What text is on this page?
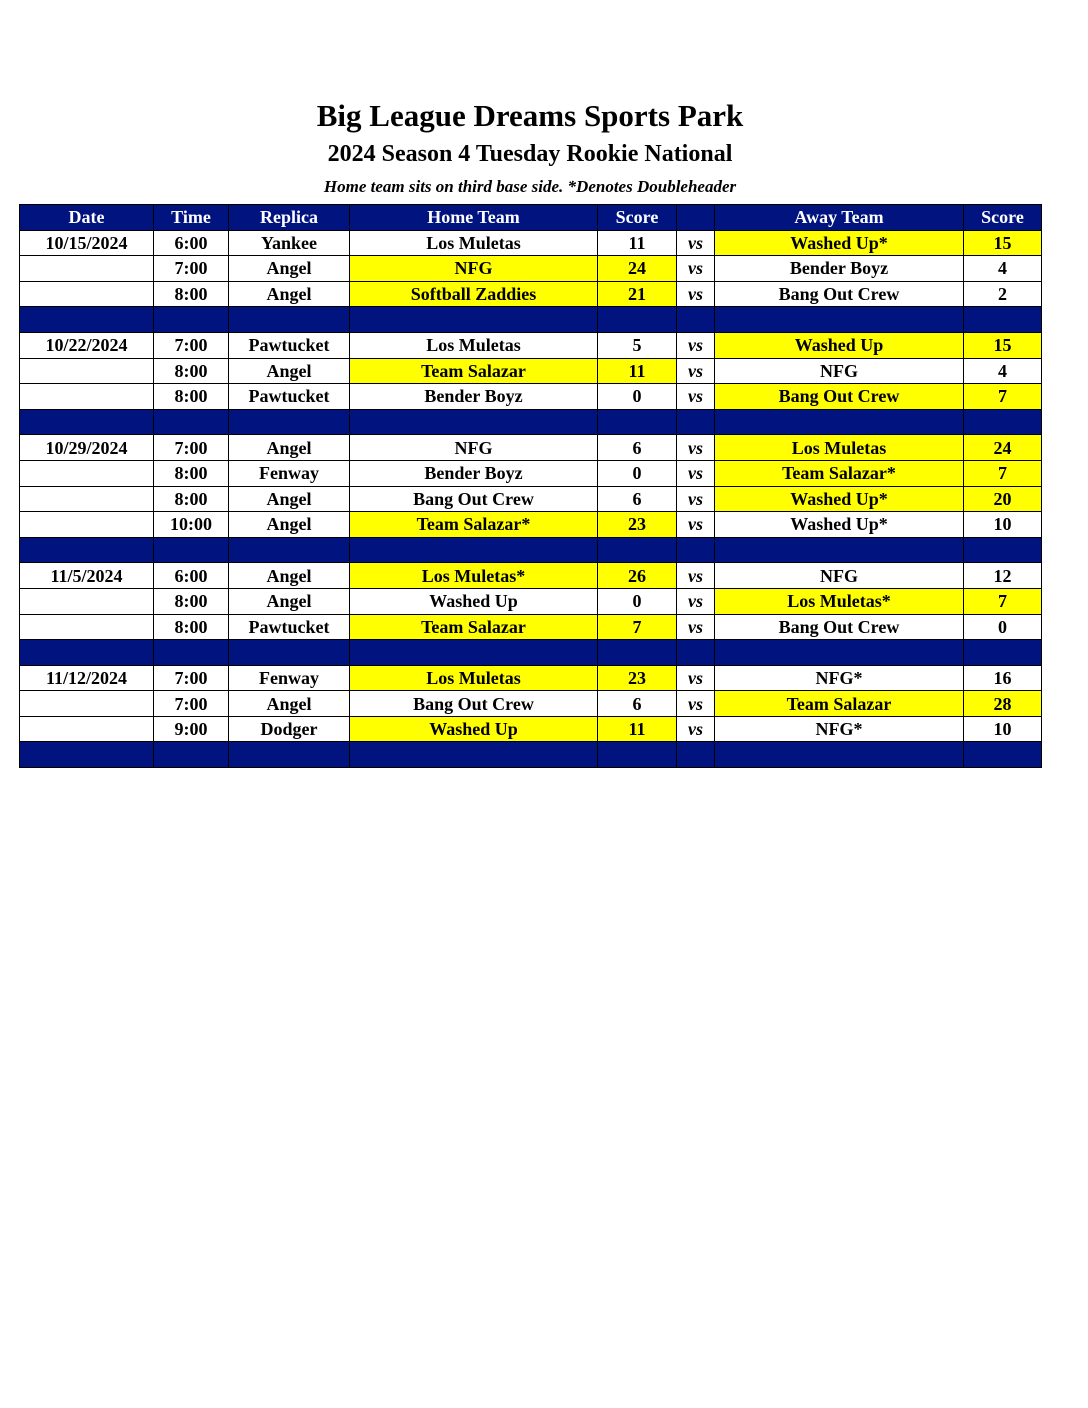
Big League Dreams Sports Park
2024 Season 4 Tuesday Rookie National
Home team sits on third base side. *Denotes Doubleheader
Date	Time	Replica	Home Team	Score		Away Team	Score
10/15/2024	6:00	Yankee	Los Muletas	11	vs	Washed Up*	15
	7:00	Angel	NFG	24	vs	Bender Boyz	4
	8:00	Angel	Softball Zaddies	21	vs	Bang Out Crew	2

10/22/2024	7:00	Pawtucket	Los Muletas	5	vs	Washed Up	15
	8:00	Angel	Team Salazar	11	vs	NFG	4
	8:00	Pawtucket	Bender Boyz	0	vs	Bang Out Crew	7

10/29/2024	7:00	Angel	NFG	6	vs	Los Muletas	24
	8:00	Fenway	Bender Boyz	0	vs	Team Salazar*	7
	8:00	Angel	Bang Out Crew	6	vs	Washed Up*	20
	10:00	Angel	Team Salazar*	23	vs	Washed Up*	10

11/5/2024	6:00	Angel	Los Muletas*	26	vs	NFG	12
	8:00	Angel	Washed Up	0	vs	Los Muletas*	7
	8:00	Pawtucket	Team Salazar	7	vs	Bang Out Crew	0

11/12/2024	7:00	Fenway	Los Muletas	23	vs	NFG*	16
	7:00	Angel	Bang Out Crew	6	vs	Team Salazar	28
	9:00	Dodger	Washed Up	11	vs	NFG*	10
